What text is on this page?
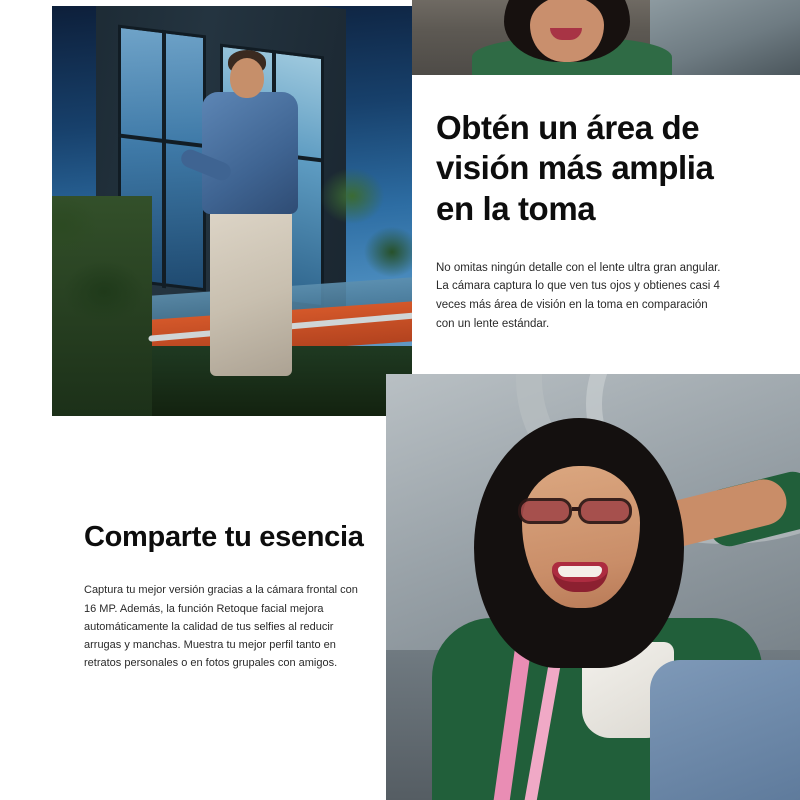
Obtén un área de visión más amplia en la toma

No omitas ningún detalle con el lente ultra gran angular. La cámara captura lo que ven tus ojos y obtienes casi 4 veces más área de visión en la toma en comparación con un lente estándar.

Comparte tu esencia

Captura tu mejor versión gracias a la cámara frontal con 16 MP. Además, la función Retoque facial mejora automáticamente la calidad de tus selfies al reducir arrugas y manchas. Muestra tu mejor perfil tanto en retratos personales o en fotos grupales con amigos.
